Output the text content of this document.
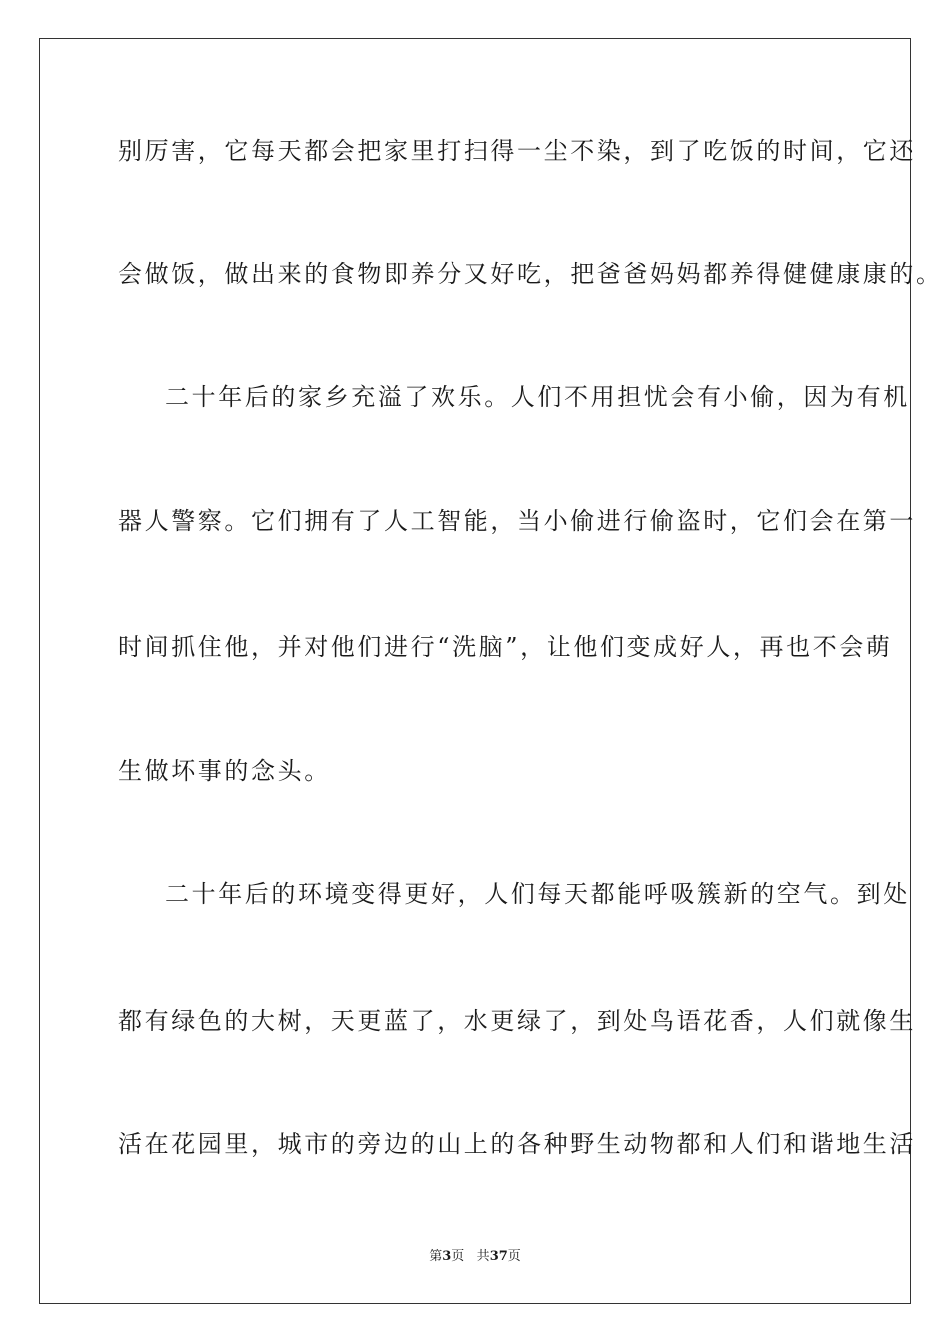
别厉害，它每天都会把家里打扫得一尘不染，到了吃饭的时间，它还
会做饭，做出来的食物即养分又好吃，把爸爸妈妈都养得健健康康的。
二十年后的家乡充溢了欢乐。人们不用担忧会有小偷，因为有机
器人警察。它们拥有了人工智能，当小偷进行偷盗时，它们会在第一
时间抓住他，并对他们进行“洗脑”，让他们变成好人，再也不会萌
生做坏事的念头。
二十年后的环境变得更好，人们每天都能呼吸簇新的空气。到处
都有绿色的大树，天更蓝了，水更绿了，到处鸟语花香，人们就像生
活在花园里，城市的旁边的山上的各种野生动物都和人们和谐地生活
第3页 共37页
